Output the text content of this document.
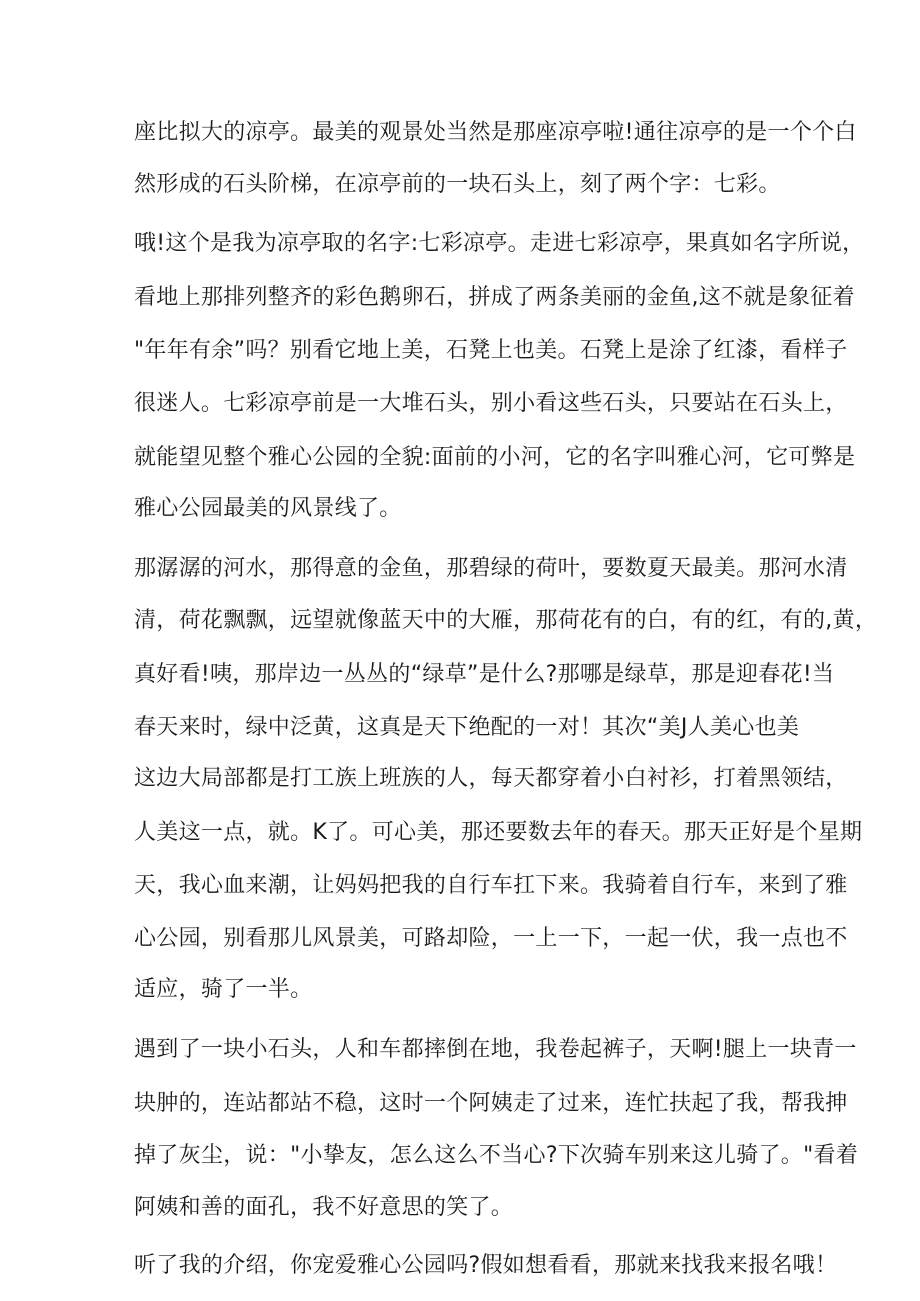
座比拟大的凉亭。最美的观景处当然是那座凉亭啦!通往凉亭的是一个个白

然形成的石头阶梯，在凉亭前的一块石头上，刻了两个字：七彩。

哦!这个是我为凉亭取的名字:七彩凉亭。走进七彩凉亭，果真如名字所说，

看地上那排列整齐的彩色鹅卵石，拼成了两条美丽的金鱼,这不就是象征着

"年年有余”吗？别看它地上美，石凳上也美。石凳上是涂了红漆，看样子

很迷人。七彩凉亭前是一大堆石头，别小看这些石头，只要站在石头上，

就能望见整个雅心公园的全貌:面前的小河，它的名字叫雅心河，它可弊是

雅心公园最美的风景线了。

那潺潺的河水，那得意的金鱼，那碧绿的荷叶，要数夏天最美。那河水清

清，荷花飘飘，远望就像蓝天中的大雁，那荷花有的白，有的红，有的,黄，

真好看!咦，那岸边一丛丛的“绿草”是什么?那哪是绿草，那是迎春花!当

春天来时，绿中泛黄，这真是天下绝配的一对！其次“美J人美心也美

这边大局部都是打工族上班族的人，每天都穿着小白衬衫，打着黑领结，

人美这一点，就。K了。可心美，那还要数去年的春天。那天正好是个星期

天，我心血来潮，让妈妈把我的自行车扛下来。我骑着自行车，来到了雅

心公园，别看那儿风景美，可路却险，一上一下，一起一伏，我一点也不

适应，骑了一半。

遇到了一块小石头，人和车都摔倒在地，我卷起裤子，天啊!腿上一块青一

块肿的，连站都站不稳，这时一个阿姨走了过来，连忙扶起了我，帮我抻

掉了灰尘，说："小挚友，怎么这么不当心?下次骑车别来这儿骑了。"看着

阿姨和善的面孔，我不好意思的笑了。

听了我的介绍，你宠爱雅心公园吗?假如想看看，那就来找我来报名哦！
